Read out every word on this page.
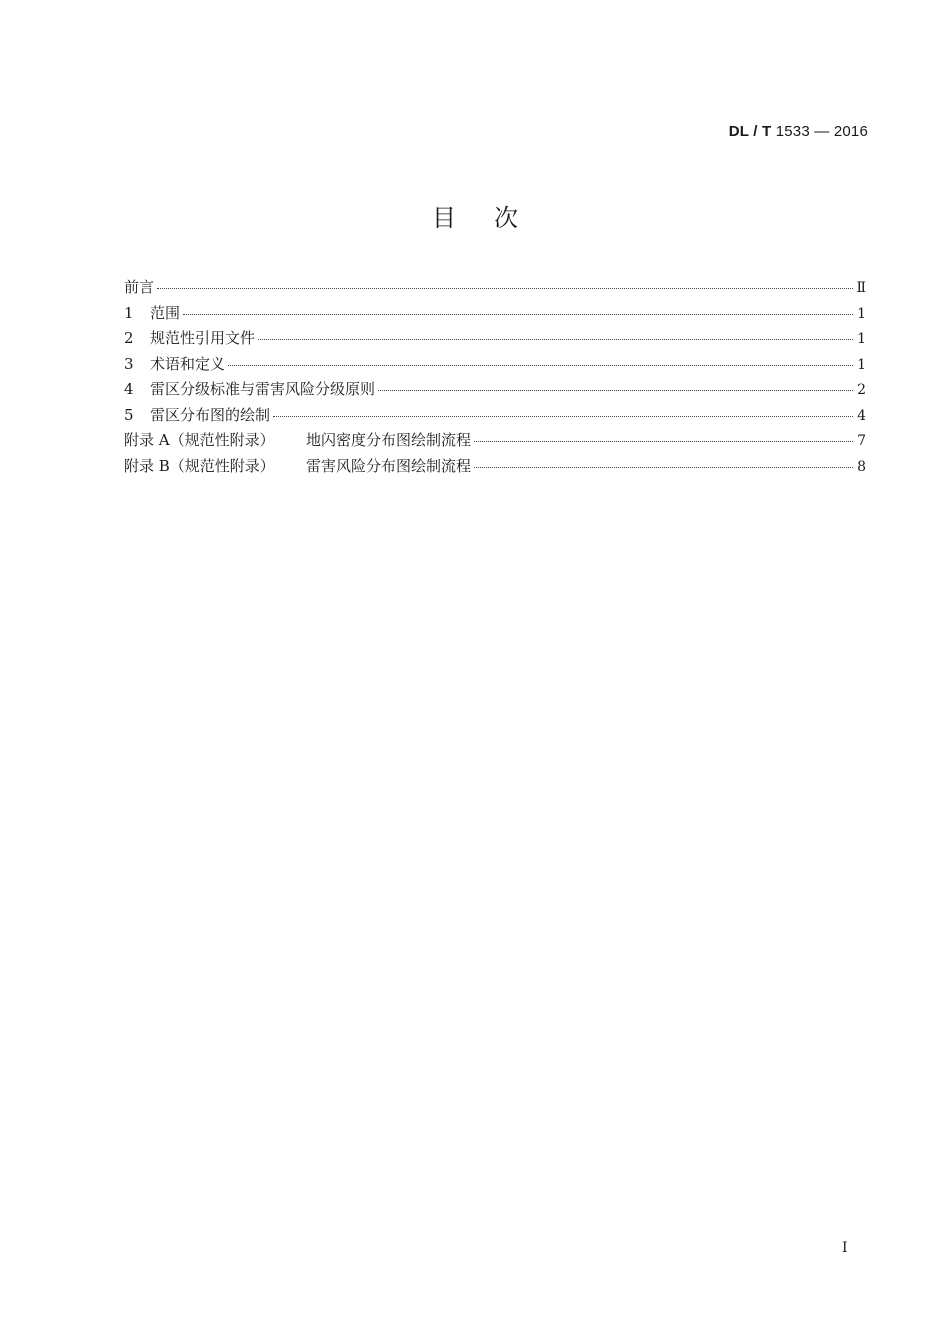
DL / T 1533 — 2016
目次
前言	Ⅱ
1	范围	1
2	规范性引用文件	1
3	术语和定义	1
4	雷区分级标准与雷害风险分级原则	2
5	雷区分布图的绘制	4
附录 A（规范性附录）	地闪密度分布图绘制流程	7
附录 B（规范性附录）	雷害风险分布图绘制流程	8
I
